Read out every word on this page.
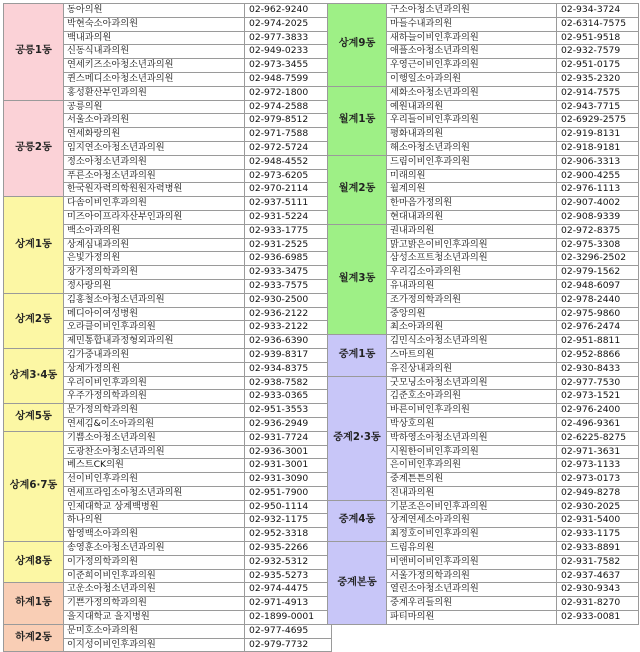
공릉1동	동아의원	02-962-9240
	박현숙소아과의원	02-974-2025
	백내과의원	02-977-3833
	신동식내과의원	02-949-0233
	연세키즈소아청소년과의원	02-973-3455
	퀸스메디소아청소년과의원	02-948-7599
	홍성환산부인과의원	02-972-1800
공릉2동	공릉의원	02-974-2588
	서울소아과의원	02-979-8512
	연세화랑의원	02-971-7588
	임지연소아청소년과의원	02-972-5724
	정소아청소년과의원	02-948-4552
	푸른소아청소년과의원	02-973-6205
	한국원자력의학원원자력병원	02-970-2114
상계1동	다솜이비인후과의원	02-937-5111
	미즈아이프라자산부인과의원	02-931-5224
	백소아과의원	02-933-1775
	상계심내과의원	02-931-2525
	은빛가정의원	02-936-6985
	장가정의학과의원	02-933-3475
	정사랑의원	02-933-7575
상계2동	김홍철소아청소년과의원	02-930-2500
	메디아이여성병원	02-936-2122
	오라클이비인후과의원	02-933-2122
	제민통합내과정형외과의원	02-936-6390
상계3·4동	김가중내과의원	02-939-8317
	상계가정의원	02-934-8375
	우리이비인후과의원	02-938-7582
	우주가정의학과의원	02-933-0365
상계5동	문가정의학과의원	02-951-3553
	연세김&이소아과의원	02-936-2949
상계6·7동	기쁨소아청소년과의원	02-931-7724
	도광찬소아청소년과의원	02-936-3001
	베스트CK의원	02-931-3001
	선이비인후과의원	02-931-3090
	연세프라임소아청소년과의원	02-951-7900
	인제대학교 상계백병원	02-950-1114
	하나의원	02-932-1175
	함영백소아과의원	02-952-3318
상계8동	송영훈소아청소년과의원	02-935-2266
	이가정의학과의원	02-932-5312
	이준희이비인후과의원	02-935-5273
하계1동	고운소아청소년과의원	02-974-4475
	기쁜가정의학과의원	02-971-4913
	을지대학교 을지병원	02-1899-0001
하계2동	문미호소아과의원	02-977-4695
	이지성이비인후과의원	02-979-7732
상계9동	구소아청소년과의원	02-934-3724
	마들수내과의원	02-6314-7575
	새하늘이비인후과의원	02-951-9518
	애플소아청소년과의원	02-932-7579
	우영근이비인후과의원	02-951-0175
	이행일소아과의원	02-935-2320
월계1동	세화소아청소년과의원	02-914-7575
	예원내과의원	02-943-7715
	우리들이비인후과의원	02-6929-2575
	평화내과의원	02-919-8131
	해소아청소년과의원	02-918-9181
월계2동	드림이비인후과의원	02-906-3313
	미래의원	02-900-4255
	월계의원	02-976-1113
	한마음가정의원	02-907-4002
	현대내과의원	02-908-9339
월계3동	권내과의원	02-972-8375
	맑고밝은이비인후과의원	02-975-3308
	삼성소프트청소년과의원	02-3296-2502
	우리김소아과의원	02-979-1562
	유내과의원	02-948-6097
	조가정의학과의원	02-978-2440
	중앙의원	02-975-9860
	최소아과의원	02-976-2474
중계1동	김민식소아청소년과의원	02-951-8811
	스마트의원	02-952-8866
	유진상내과의원	02-930-8433
중계2·3동	굿모닝소아청소년과의원	02-977-7530
	김준호소아과의원	02-973-1521
	바른이비인후과의원	02-976-2400
	박상호의원	02-496-9361
	박하영소아청소년과의원	02-6225-8275
	시원한이비인후과의원	02-971-3631
	은이비인후과의원	02-973-1133
	중계튼튼의원	02-973-0173
	진내과의원	02-949-8278
중계4동	기분조은이비인후과의원	02-930-2025
	상계연세소아과의원	02-931-5400
	최정호이비인후과의원	02-933-1175
중계본동	드림유의원	02-933-8891
	비앤비이비인후과의원	02-931-7582
	서울가정의학과의원	02-937-4637
	열린소아청소년과의원	02-930-9343
	중계우리들의원	02-931-8270
	파티마의원	02-933-0081
